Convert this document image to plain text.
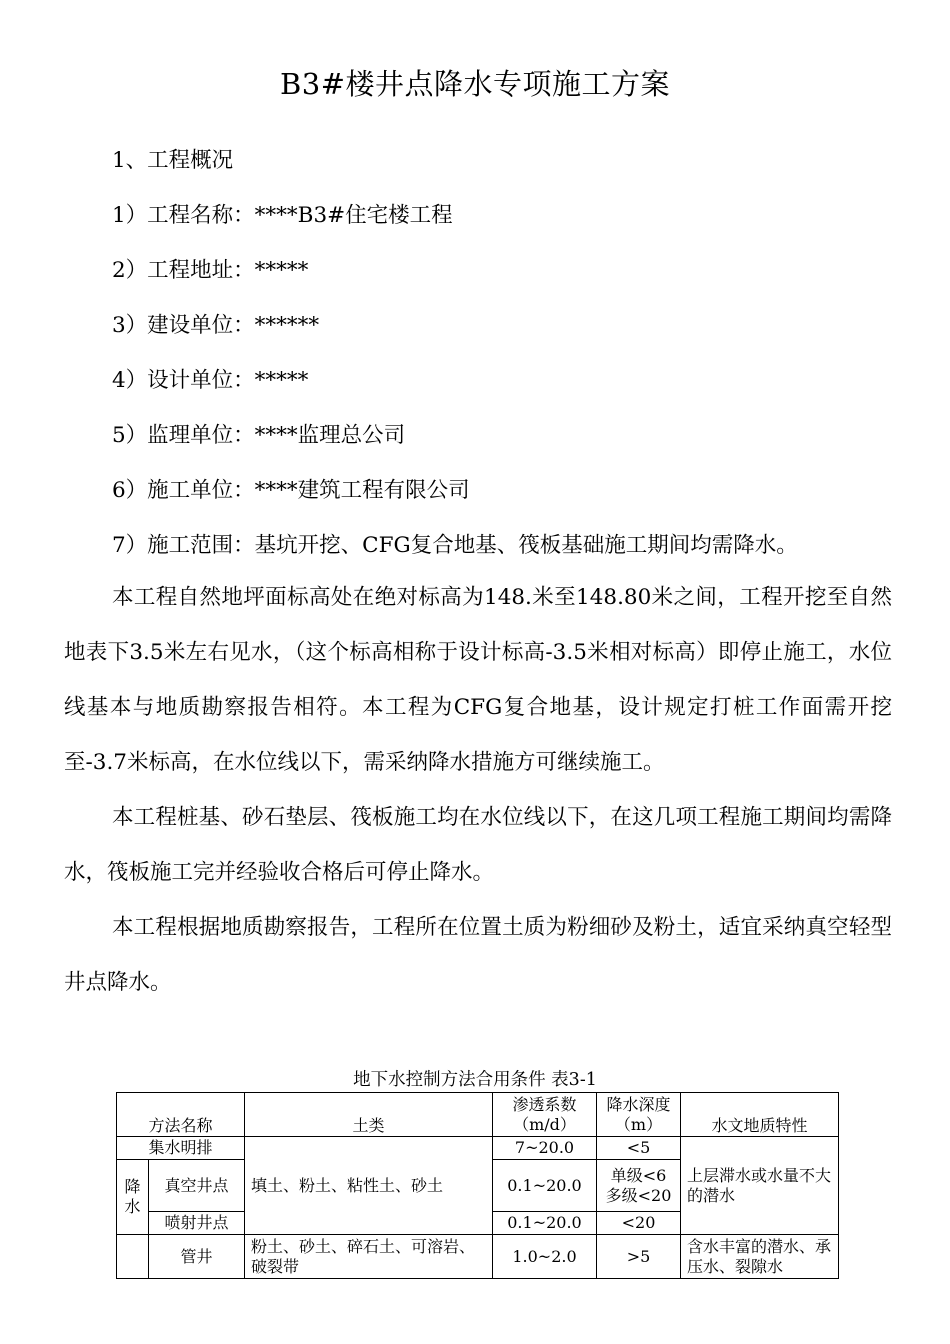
B3#楼井点降水专项施工方案
1、工程概况
1）工程名称：****B3#住宅楼工程
2）工程地址：*****
3）建设单位：******
4）设计单位：*****
5）监理单位：****监理总公司
6）施工单位：****建筑工程有限公司
7）施工范围：基坑开挖、CFG复合地基、筏板基础施工期间均需降水。
本工程自然地坪面标高处在绝对标高为148.米至148.80米之间，工程开挖至自然地表下3.5米左右见水，（这个标高相称于设计标高-3.5米相对标高）即停止施工，水位线基本与地质勘察报告相符。本工程为CFG复合地基，设计规定打桩工作面需开挖至-3.7米标高，在水位线以下，需采纳降水措施方可继续施工。
本工程桩基、砂石垫层、筏板施工均在水位线以下，在这几项工程施工期间均需降水，筏板施工完并经验收合格后可停止降水。
本工程根据地质勘察报告，工程所在位置土质为粉细砂及粉土，适宜采纳真空轻型井点降水。
地下水控制方法合用条件 表3-1
方法名称		土类	渗透系数（m/d）	降水深度（m）	水文地质特性
集水明排		填土、粉土、粘性土、砂土	7~20.0	<5	上层滞水或水量不大的潜水
降水	真空井点		0.1~20.0	单级<6多级<20	
	喷射井点		0.1~20.0	<20	
	管井	粉土、砂土、碎石土、可溶岩、破裂带	1.0~2.0	>5	含水丰富的潜水、承压水、裂隙水
